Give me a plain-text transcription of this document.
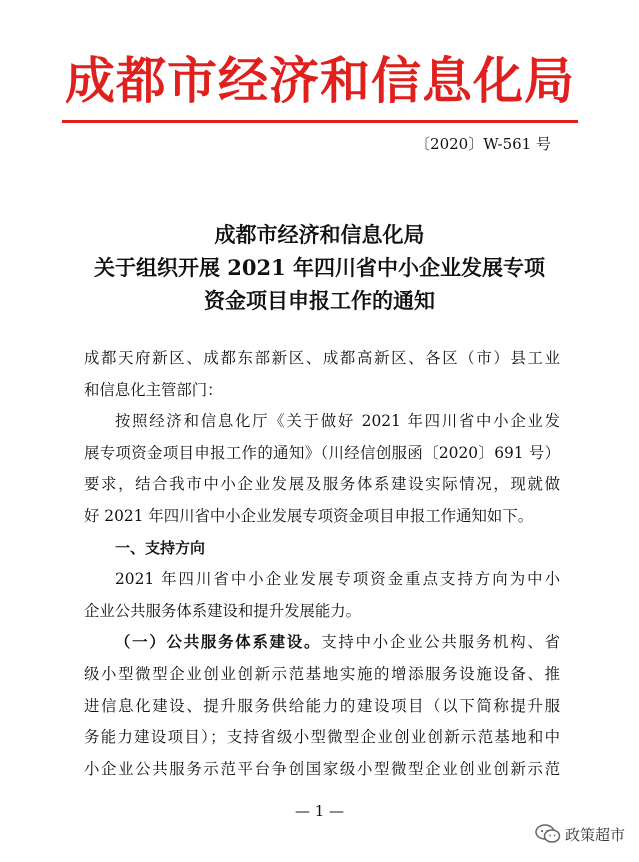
成都市经济和信息化局
〔2020〕W-561 号
成都市经济和信息化局
关于组织开展 2021 年四川省中小企业发展专项
资金项目申报工作的通知
成都天府新区、成都东部新区、成都高新区、各区（市）县工业
和信息化主管部门：
按照经济和信息化厅《关于做好 2021 年四川省中小企业发
展专项资金项目申报工作的通知》（川经信创服函〔2020〕691 号）
要求，结合我市中小企业发展及服务体系建设实际情况，现就做
好 2021 年四川省中小企业发展专项资金项目申报工作通知如下。
一、支持方向
2021 年四川省中小企业发展专项资金重点支持方向为中小
企业公共服务体系建设和提升发展能力。
（一）公共服务体系建设。支持中小企业公共服务机构、省
级小型微型企业创业创新示范基地实施的增添服务设施设备、推
进信息化建设、提升服务供给能力的建设项目（以下简称提升服
务能力建设项目）；支持省级小型微型企业创业创新示范基地和中
小企业公共服务示范平台争创国家级小型微型企业创业创新示范
— 1 —
政策超市
